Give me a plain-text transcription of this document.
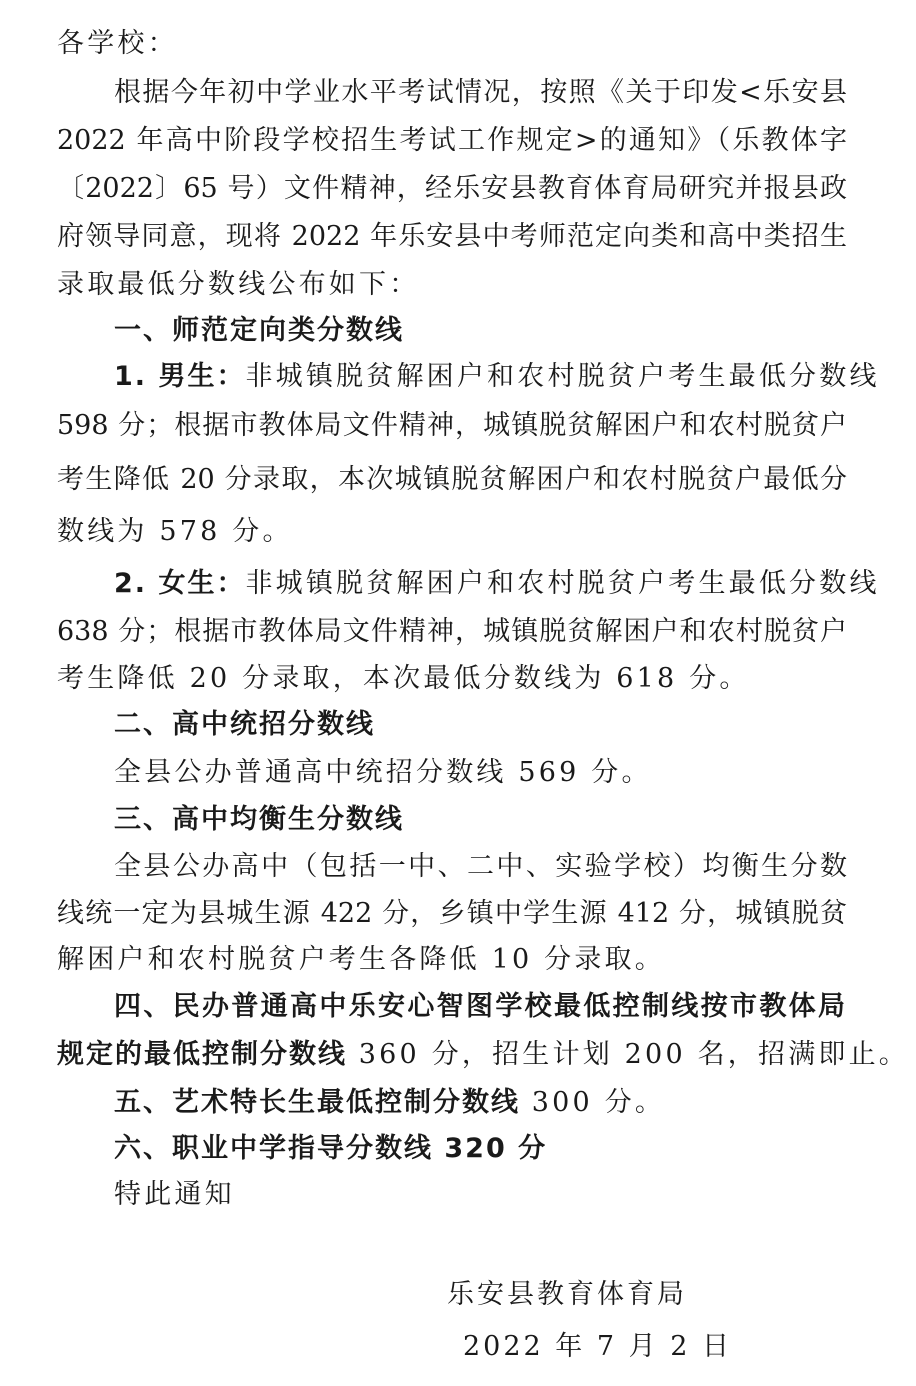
各学校：
根据今年初中学业水平考试情况，按照《关于印发<乐安县
2022 年高中阶段学校招生考试工作规定>的通知》（乐教体字
〔2022〕65 号）文件精神，经乐安县教育体育局研究并报县政
府领导同意，现将 2022 年乐安县中考师范定向类和高中类招生
录取最低分数线公布如下：
一、师范定向类分数线
1. 男生： 非城镇脱贫解困户和农村脱贫户考生最低分数线
598 分；根据市教体局文件精神，城镇脱贫解困户和农村脱贫户
考生降低 20 分录取，本次城镇脱贫解困户和农村脱贫户最低分
数线为 578 分。
2. 女生： 非城镇脱贫解困户和农村脱贫户考生最低分数线
638 分；根据市教体局文件精神，城镇脱贫解困户和农村脱贫户
考生降低 20 分录取，本次最低分数线为 618 分。
二、高中统招分数线
全县公办普通高中统招分数线 569 分。
三、高中均衡生分数线
全县公办高中（包括一中、二中、实验学校）均衡生分数
线统一定为县城生源 422 分，乡镇中学生源 412 分，城镇脱贫
解困户和农村脱贫户考生各降低 10 分录取。
四、民办普通高中乐安心智图学校最低控制线按市教体局
规定的最低控制分数线 360 分，招生计划 200 名，招满即止。
五、艺术特长生最低控制分数线 300 分。
六、职业中学指导分数线 320 分
特此通知
乐安县教育体育局
2022 年 7 月 2 日
